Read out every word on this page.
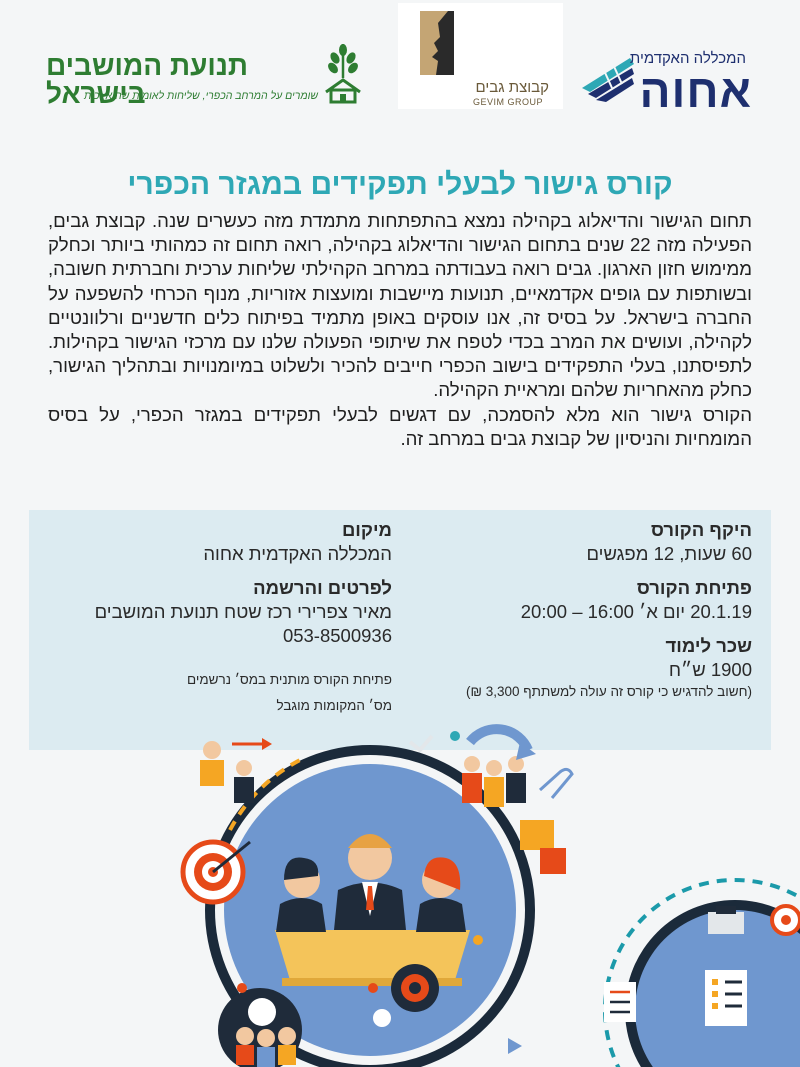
המכללה האקדמית
אחוה
קבוצת גבים
GEVIM GROUP
תנועת המושבים בישראל
שומרים על המרחב הכפרי, שליחות לאומית שהיא זכות
קורס גישור לבעלי תפקידים במגזר הכפרי

תחום הגישור והדיאלוג בקהילה נמצא בהתפתחות מתמדת מזה כעשרים שנה. קבוצת גבים, הפעילה מזה 22 שנים בתחום הגישור והדיאלוג בקהילה, רואה תחום זה כמהותי ביותר וכחלק ממימוש חזון הארגון. גבים רואה בעבודתה במרחב הקהילתי שליחות ערכית וחברתית חשובה, ובשותפות עם גופים אקדמאיים, תנועות מיישבות ומועצות אזוריות, מנוף הכרחי להשפעה על החברה בישראל. על בסיס זה, אנו עוסקים באופן מתמיד בפיתוח כלים חדשניים ורלוונטיים לקהילה, ועושים את המרב בכדי לטפח את שיתופי הפעולה שלנו עם מרכזי הגישור בקהילות. לתפיסתנו, בעלי התפקידים בישוב הכפרי חייבים להכיר ולשלוט במיומנויות ובתהליך הגישור, כחלק מהאחריות שלהם ומראיית הקהילה.

הקורס גישור הוא מלא להסמכה, עם דגשים לבעלי תפקידים במגזר הכפרי, על בסיס המומחיות והניסיון של קבוצת גבים במרחב זה.

היקף הקורס
60 שעות, 12 מפגשים
פתיחת הקורס
20.1.19 יום א׳ 16:00 – 20:00
שכר לימוד
1900 ש״ח
(חשוב להדגיש כי קורס זה עולה למשתתף 3,300 ₪)
מיקום
המכללה האקדמית אחוה
לפרטים והרשמה
מאיר צפרירי רכז שטח תנועת המושבים
053-8500936
פתיחת הקורס מותנית במס׳ נרשמים
מס׳ המקומות מוגבל
